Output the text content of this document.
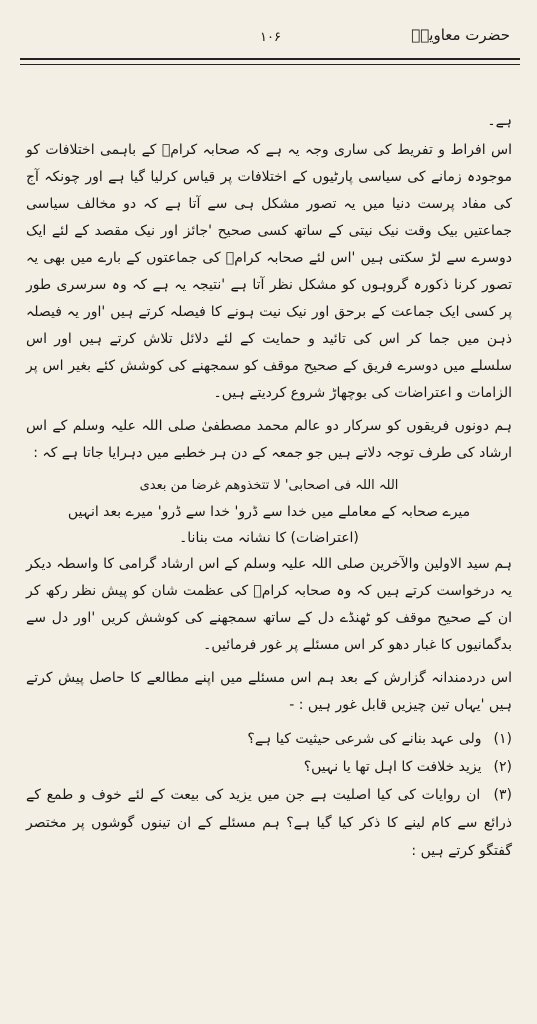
حضرت معاویہؓ
۱۰۶
ہے۔

اس افراط و تفریط کی ساری وجہ یہ ہے کہ صحابہ کرامؓ کے باہمی اختلافات کو موجودہ زمانے کی سیاسی پارٹیوں کے اختلافات پر قیاس کرلیا گیا ہے اور چونکہ آج کی مفاد پرست دنیا میں یہ تصور مشکل ہی سے آتا ہے کہ دو مخالف سیاسی جماعتیں بیک وقت نیک نیتی کے ساتھ کسی صحیح 'جائز اور نیک مقصد کے لئے ایک دوسرے سے لڑ سکتی ہیں 'اس لئے صحابہ کرامؓ کی جماعتوں کے بارے میں بھی یہ تصور کرنا ذکورہ گروہوں کو مشکل نظر آتا ہے 'نتیجہ یہ ہے کہ وہ سرسری طور پر کسی ایک جماعت کے برحق اور نیک نیت ہونے کا فیصلہ کرتے ہیں 'اور یہ فیصلہ ذہن میں جما کر اس کی تائید و حمایت کے لئے دلائل تلاش کرتے ہیں اور اس سلسلے میں دوسرے فریق کے صحیح موقف کو سمجھنے کی کوشش کئے بغیر اس پر الزامات و اعتراضات کی بوچھاڑ شروع کردیتے ہیں۔

ہم دونوں فریقوں کو سرکار دو عالم محمد مصطفیٰ صلی اللہ علیہ وسلم کے اس ارشاد کی طرف توجہ دلاتے ہیں جو جمعہ کے دن ہر خطبے میں دہرایا جاتا ہے کہ :

اللہ اللہ فی اصحابی' لا تتخذوھم غرضا من بعدی

میرے صحابہ کے معاملے میں خدا سے ڈرو' خدا سے ڈرو' میرے بعد انہیں

(اعتراضات) کا نشانہ مت بنانا۔

ہم سید الاولین والآخرین صلی اللہ علیہ وسلم کے اس ارشاد گرامی کا واسطہ دیکر یہ درخواست کرتے ہیں کہ وہ صحابہ کرامؓ کی عظمت شان کو پیش نظر رکھ کر ان کے صحیح موقف کو ٹھنڈے دل کے ساتھ سمجھنے کی کوشش کریں 'اور دل سے بدگمانیوں کا غبار دھو کر اس مسئلے پر غور فرمائیں۔

اس دردمندانہ گزارش کے بعد ہم اس مسئلے میں اپنے مطالعے کا حاصل پیش کرتے ہیں 'یہاں تین چیزیں قابل غور ہیں : -

(۱) ولی عہد بنانے کی شرعی حیثیت کیا ہے؟
(۲) یزید خلافت کا اہل تھا یا نہیں؟
(۳) ان روایات کی کیا اصلیت ہے جن میں یزید کی بیعت کے لئے خوف و طمع کے ذرائع سے کام لینے کا ذکر کیا گیا ہے؟ ہم مسئلے کے ان تینوں گوشوں پر مختصر گفتگو کرتے ہیں :
